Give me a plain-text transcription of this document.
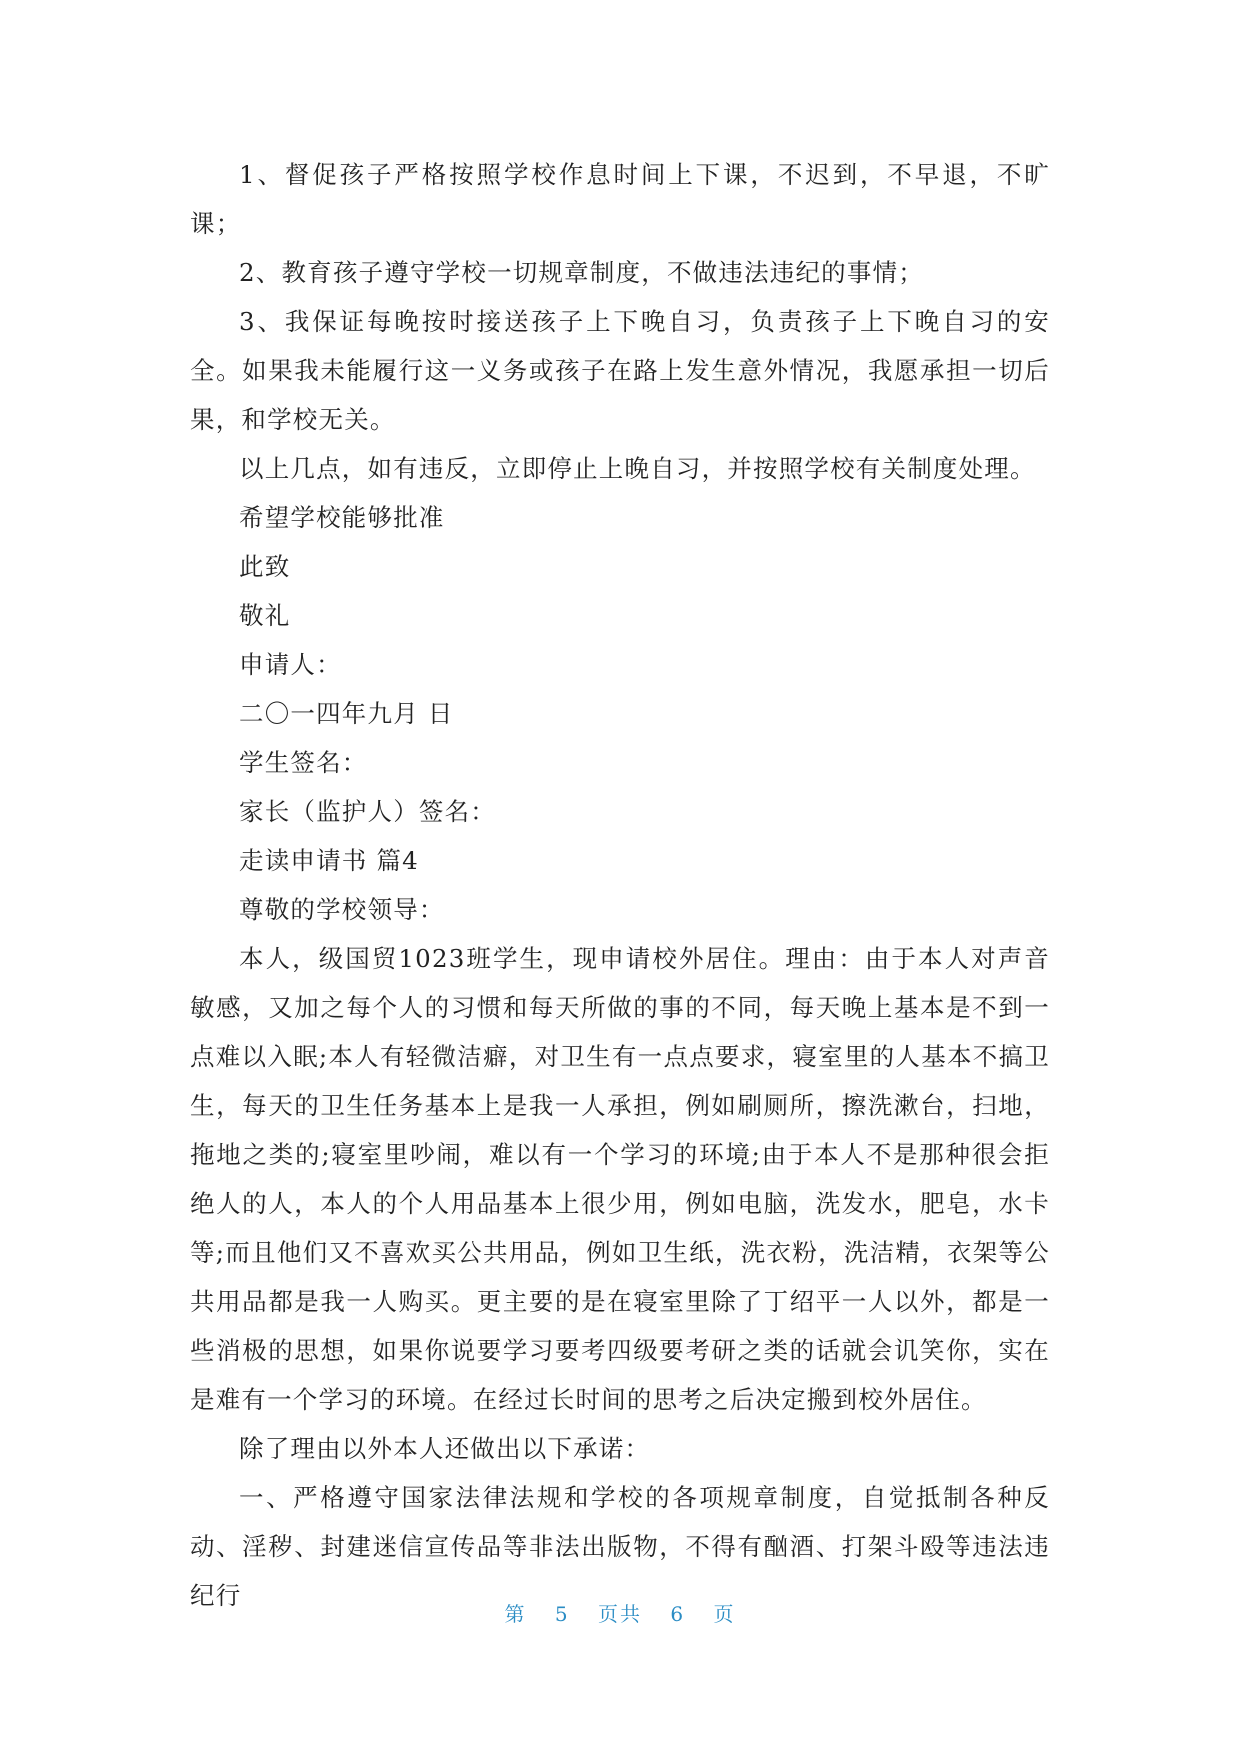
1、督促孩子严格按照学校作息时间上下课，不迟到，不早退，不旷课；

2、教育孩子遵守学校一切规章制度，不做违法违纪的事情；

3、我保证每晚按时接送孩子上下晚自习，负责孩子上下晚自习的安全。如果我未能履行这一义务或孩子在路上发生意外情况，我愿承担一切后果，和学校无关。

以上几点，如有违反，立即停止上晚自习，并按照学校有关制度处理。

希望学校能够批准

此致

敬礼

申请人：

二〇一四年九月 日

学生签名：

家长（监护人）签名：

走读申请书 篇4

尊敬的学校领导：

本人，级国贸1023班学生，现申请校外居住。理由：由于本人对声音敏感，又加之每个人的习惯和每天所做的事的不同，每天晚上基本是不到一点难以入眠;本人有轻微洁癖，对卫生有一点点要求，寝室里的人基本不搞卫生，每天的卫生任务基本上是我一人承担，例如刷厕所，擦洗漱台，扫地，拖地之类的;寝室里吵闹，难以有一个学习的环境;由于本人不是那种很会拒绝人的人，本人的个人用品基本上很少用，例如电脑，洗发水，肥皂，水卡等;而且他们又不喜欢买公共用品，例如卫生纸，洗衣粉，洗洁精，衣架等公共用品都是我一人购买。更主要的是在寝室里除了丁绍平一人以外，都是一些消极的思想，如果你说要学习要考四级要考研之类的话就会讥笑你，实在是难有一个学习的环境。在经过长时间的思考之后决定搬到校外居住。

除了理由以外本人还做出以下承诺：

一、严格遵守国家法律法规和学校的各项规章制度，自觉抵制各种反动、淫秽、封建迷信宣传品等非法出版物，不得有酗酒、打架斗殴等违法违纪行

第 5 页共 6 页
